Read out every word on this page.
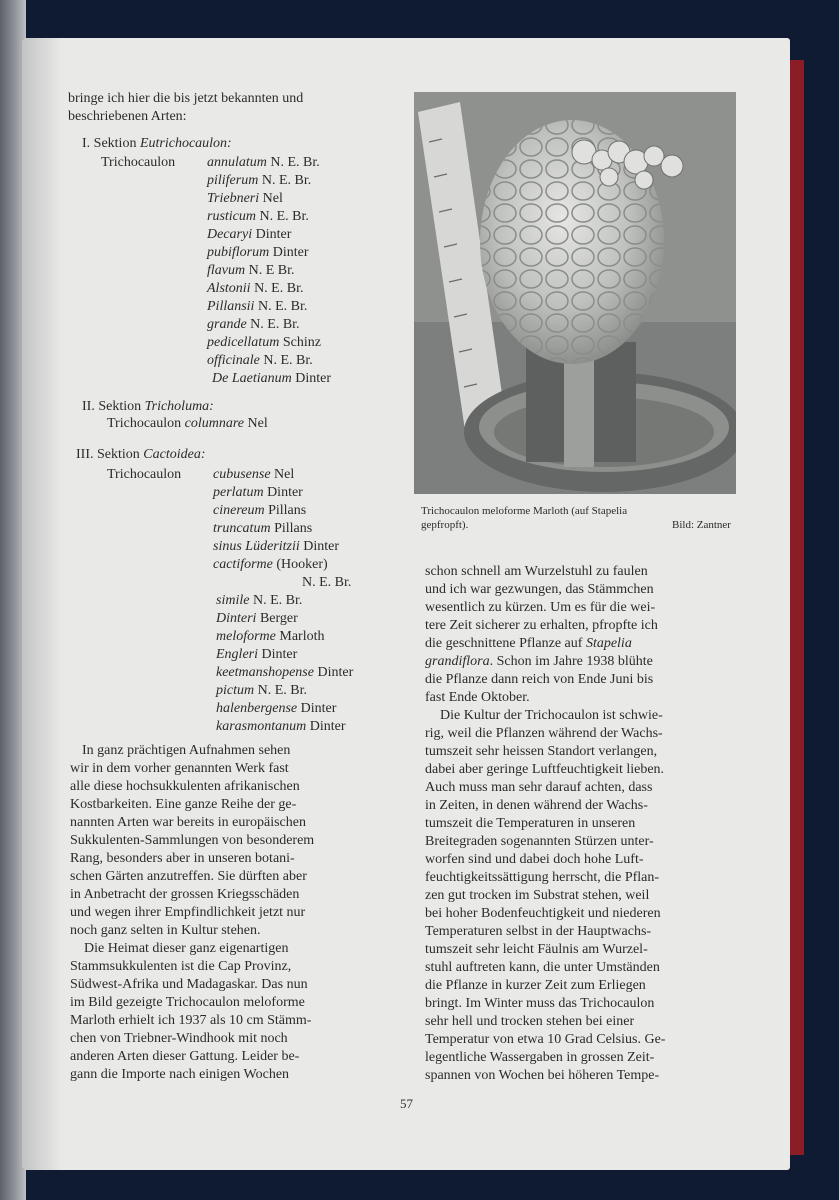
bringe ich hier die bis jetzt bekannten und
beschriebenen Arten:
I. Sektion Eutrichocaulon:
Trichocaulon annulatum N. E. Br.
piliferum N. E. Br.
Triebneri Nel
rusticum N. E. Br.
Decaryi Dinter
pubiflorum Dinter
flavum N. E Br.
Alstonii N. E. Br.
Pillansii N. E. Br.
grande N. E. Br.
pedicellatum Schinz
officinale N. E. Br.
De Laetianum Dinter
II. Sektion Tricholuma:
Trichocaulon columnare Nel
III. Sektion Cactoidea:
Trichocaulon cubusense Nel
perlatum Dinter
cinereum Pillans
truncatum Pillans
sinus Lüderitzii Dinter
cactiforme (Hooker)
N. E. Br.
simile N. E. Br.
Dinteri Berger
meloforme Marloth
Engleri Dinter
keetmanshopense Dinter
pictum N. E. Br.
halenbergense Dinter
karasmontanum Dinter
In ganz prächtigen Aufnahmen sehen
wir in dem vorher genannten Werk fast
alle diese hochsukkulenten afrikanischen
Kostbarkeiten. Eine ganze Reihe der ge-
nannten Arten war bereits in europäischen
Sukkulenten-Sammlungen von besonderem
Rang, besonders aber in unseren botani-
schen Gärten anzutreffen. Sie dürften aber
in Anbetracht der grossen Kriegsschäden
und wegen ihrer Empfindlichkeit jetzt nur
noch ganz selten in Kultur stehen.
Die Heimat dieser ganz eigenartigen
Stammsukkulenten ist die Cap Provinz,
Südwest-Afrika und Madagaskar. Das nun
im Bild gezeigte Trichocaulon meloforme
Marloth erhielt ich 1937 als 10 cm Stämm-
chen von Triebner-Windhook mit noch
anderen Arten dieser Gattung. Leider be-
gann die Importe nach einigen Wochen
Trichocaulon meloforme Marloth (auf Stapelia
gepfropft).	Bild: Zantner
schon schnell am Wurzelstuhl zu faulen
und ich war gezwungen, das Stämmchen
wesentlich zu kürzen. Um es für die wei-
tere Zeit sicherer zu erhalten, pfropfte ich
die geschnittene Pflanze auf Stapelia
grandiflora. Schon im Jahre 1938 blühte
die Pflanze dann reich von Ende Juni bis
fast Ende Oktober.
Die Kultur der Trichocaulon ist schwie-
rig, weil die Pflanzen während der Wachs-
tumszeit sehr heissen Standort verlangen,
dabei aber geringe Luftfeuchtigkeit lieben.
Auch muss man sehr darauf achten, dass
in Zeiten, in denen während der Wachs-
tumszeit die Temperaturen in unseren
Breitegraden sogenannten Stürzen unter-
worfen sind und dabei doch hohe Luft-
feuchtigkeitssättigung herrscht, die Pflan-
zen gut trocken im Substrat stehen, weil
bei hoher Bodenfeuchtigkeit und niederen
Temperaturen selbst in der Hauptwachs-
tumszeit sehr leicht Fäulnis am Wurzel-
stuhl auftreten kann, die unter Umständen
die Pflanze in kurzer Zeit zum Erliegen
bringt. Im Winter muss das Trichocaulon
sehr hell und trocken stehen bei einer
Temperatur von etwa 10 Grad Celsius. Ge-
legentliche Wassergaben in grossen Zeit-
spannen von Wochen bei höheren Tempe-
57
